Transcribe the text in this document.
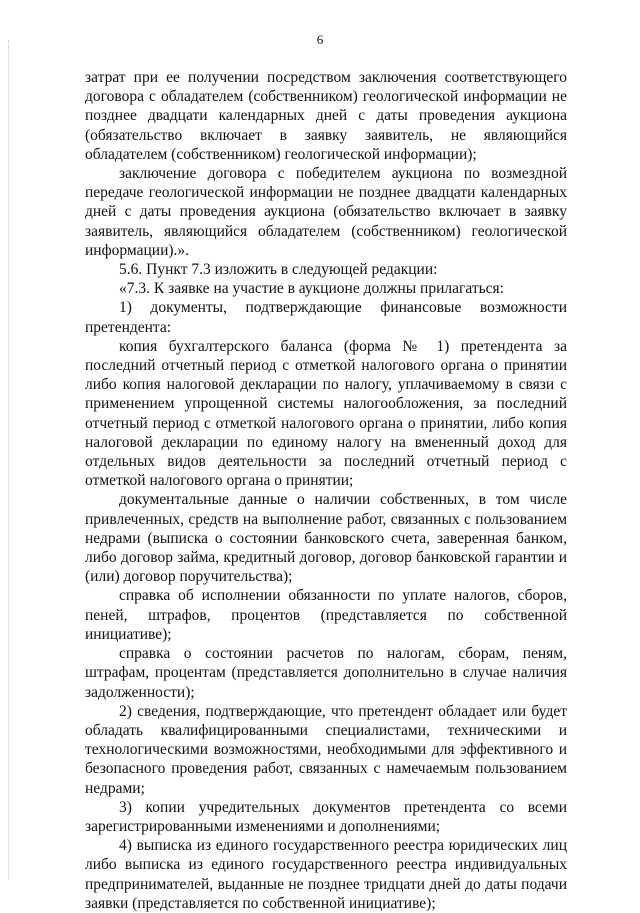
6

затрат при ее получении посредством заключения соответствующего договора с обладателем (собственником) геологической информации не позднее двадцати календарных дней с даты проведения аукциона (обязательство включает в заявку заявитель, не являющийся обладателем (собственником) геологической информации);

заключение договора с победителем аукциона по возмездной передаче геологической информации не позднее двадцати календарных дней с даты проведения аукциона (обязательство включает в заявку заявитель, являющийся обладателем (собственником) геологической информации).».

5.6. Пункт 7.3 изложить в следующей редакции:

«7.3. К заявке на участие в аукционе должны прилагаться:

1) документы, подтверждающие финансовые возможности претендента:

копия бухгалтерского баланса (форма № 1) претендента за последний отчетный период с отметкой налогового органа о принятии либо копия налоговой декларации по налогу, уплачиваемому в связи с применением упрощенной системы налогообложения, за последний отчетный период с отметкой налогового органа о принятии, либо копия налоговой декларации по единому налогу на вмененный доход для отдельных видов деятельности за последний отчетный период с отметкой налогового органа о принятии;

документальные данные о наличии собственных, в том числе привлеченных, средств на выполнение работ, связанных с пользованием недрами (выписка о состоянии банковского счета, заверенная банком, либо договор займа, кредитный договор, договор банковской гарантии и (или) договор поручительства);

справка об исполнении обязанности по уплате налогов, сборов, пеней, штрафов, процентов (представляется по собственной инициативе);

справка о состоянии расчетов по налогам, сборам, пеням, штрафам, процентам (представляется дополнительно в случае наличия задолженности);

2) сведения, подтверждающие, что претендент обладает или будет обладать квалифицированными специалистами, техническими и технологическими возможностями, необходимыми для эффективного и безопасного проведения работ, связанных с намечаемым пользованием недрами;

3) копии учредительных документов претендента со всеми зарегистрированными изменениями и дополнениями;

4) выписка из единого государственного реестра юридических лиц либо выписка из единого государственного реестра индивидуальных предпринимателей, выданные не позднее тридцати дней до даты подачи заявки (представляется по собственной инициативе);
